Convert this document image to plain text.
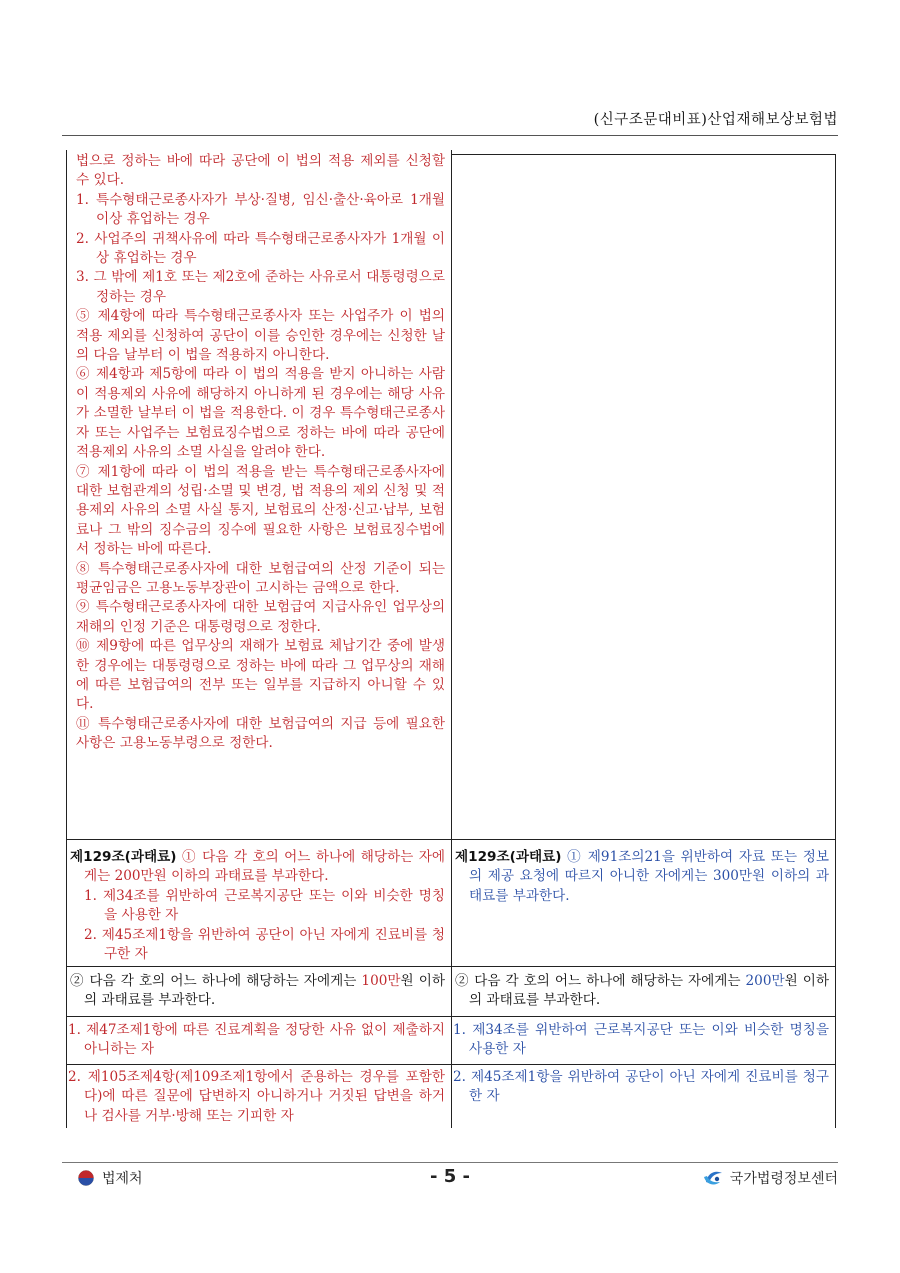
(신구조문대비표)산업재해보상보험법

법으로 정하는 바에 따라 공단에 이 법의 적용 제외를 신청할 수 있다.

1. 특수형태근로종사자가 부상·질병, 임신·출산·육아로 1개월 이상 휴업하는 경우

2. 사업주의 귀책사유에 따라 특수형태근로종사자가 1개월 이상 휴업하는 경우

3. 그 밖에 제1호 또는 제2호에 준하는 사유로서 대통령령으로 정하는 경우

⑤ 제4항에 따라 특수형태근로종사자 또는 사업주가 이 법의 적용 제외를 신청하여 공단이 이를 승인한 경우에는 신청한 날의 다음 날부터 이 법을 적용하지 아니한다.

⑥ 제4항과 제5항에 따라 이 법의 적용을 받지 아니하는 사람이 적용제외 사유에 해당하지 아니하게 된 경우에는 해당 사유가 소멸한 날부터 이 법을 적용한다. 이 경우 특수형태근로종사자 또는 사업주는 보험료징수법으로 정하는 바에 따라 공단에 적용제외 사유의 소멸 사실을 알려야 한다.

⑦ 제1항에 따라 이 법의 적용을 받는 특수형태근로종사자에 대한 보험관계의 성립·소멸 및 변경, 법 적용의 제외 신청 및 적용제외 사유의 소멸 사실 통지, 보험료의 산정·신고·납부, 보험료나 그 밖의 징수금의 징수에 필요한 사항은 보험료징수법에서 정하는 바에 따른다.

⑧ 특수형태근로종사자에 대한 보험급여의 산정 기준이 되는 평균임금은 고용노동부장관이 고시하는 금액으로 한다.

⑨ 특수형태근로종사자에 대한 보험급여 지급사유인 업무상의 재해의 인정 기준은 대통령령으로 정한다.

⑩ 제9항에 따른 업무상의 재해가 보험료 체납기간 중에 발생한 경우에는 대통령령으로 정하는 바에 따라 그 업무상의 재해에 따른 보험급여의 전부 또는 일부를 지급하지 아니할 수 있다.

⑪ 특수형태근로종사자에 대한 보험급여의 지급 등에 필요한 사항은 고용노동부령으로 정한다.

제129조(과태료) ① 다음 각 호의 어느 하나에 해당하는 자에게는 200만원 이하의 과태료를 부과한다.

1. 제34조를 위반하여 근로복지공단 또는 이와 비슷한 명칭을 사용한 자

2. 제45조제1항을 위반하여 공단이 아닌 자에게 진료비를 청구한 자

제129조(과태료) ① 제91조의21을 위반하여 자료 또는 정보의 제공 요청에 따르지 아니한 자에게는 300만원 이하의 과태료를 부과한다.

② 다음 각 호의 어느 하나에 해당하는 자에게는 100만원 이하의 과태료를 부과한다.

② 다음 각 호의 어느 하나에 해당하는 자에게는 200만원 이하의 과태료를 부과한다.

1. 제47조제1항에 따른 진료계획을 정당한 사유 없이 제출하지 아니하는 자

2. 제105조제4항(제109조제1항에서 준용하는 경우를 포함한다)에 따른 질문에 답변하지 아니하거나 거짓된 답변을 하거나 검사를 거부·방해 또는 기피한 자

1. 제34조를 위반하여 근로복지공단 또는 이와 비슷한 명칭을 사용한 자

2. 제45조제1항을 위반하여 공단이 아닌 자에게 진료비를 청구한 자

법제처	- 5 -	국가법령정보센터
